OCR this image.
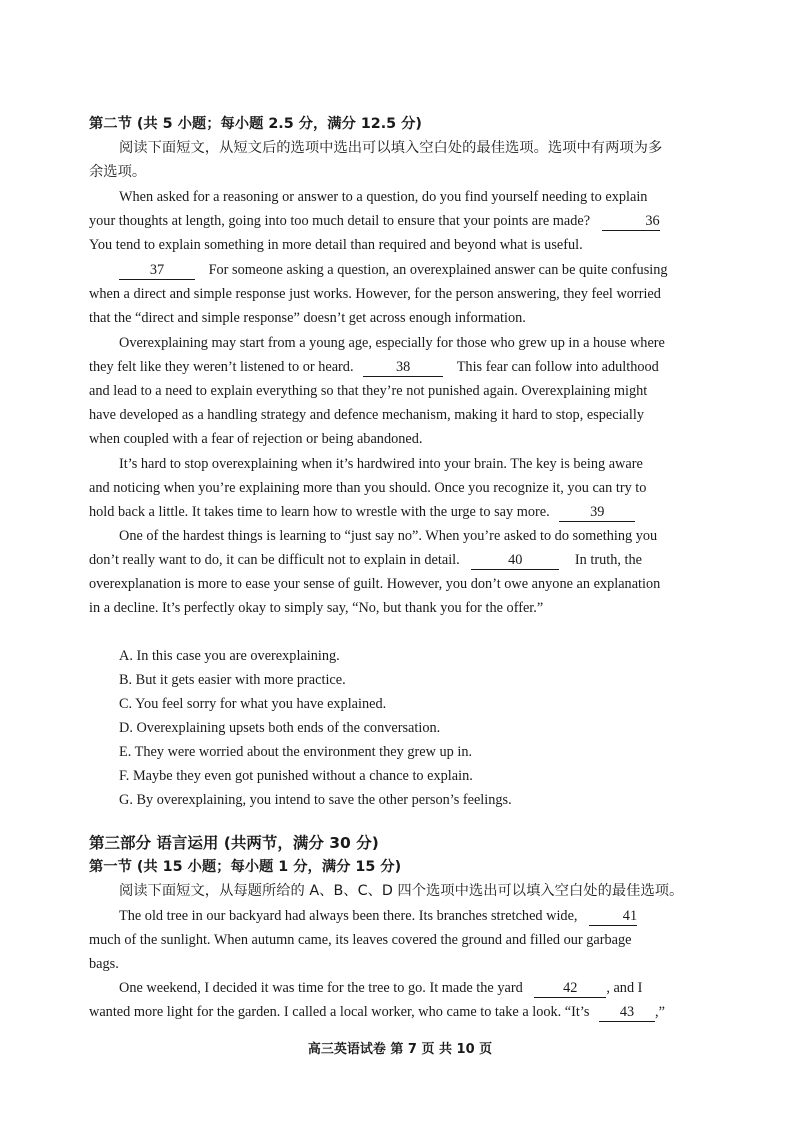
第二节 (共 5 小题；每小题 2.5 分，满分 12.5 分)
阅读下面短文，从短文后的选项中选出可以填入空白处的最佳选项。选项中有两项为多
余选项。
When asked for a reasoning or answer to a question, do you find yourself needing to explain
your thoughts at length, going into too much detail to ensure that your points are made?	36
You tend to explain something in more detail than required and beyond what is useful.
37	For someone asking a question, an overexplained answer can be quite confusing
when a direct and simple response just works. However, for the person answering, they feel worried
that the “direct and simple response” doesn’t get across enough information.
Overexplaining may start from a young age, especially for those who grew up in a house where
they felt like they weren’t listened to or heard.	38	This fear can follow into adulthood
and lead to a need to explain everything so that they’re not punished again. Overexplaining might
have developed as a handling strategy and defence mechanism, making it hard to stop, especially
when coupled with a fear of rejection or being abandoned.
It’s hard to stop overexplaining when it’s hardwired into your brain. The key is being aware
and noticing when you’re explaining more than you should. Once you recognize it, you can try to
hold back a little. It takes time to learn how to wrestle with the urge to say more.	39
One of the hardest things is learning to “just say no”. When you’re asked to do something you
don’t really want to do, it can be difficult not to explain in detail.	40	In truth, the
overexplanation is more to ease your sense of guilt. However, you don’t owe anyone an explanation
in a decline. It’s perfectly okay to simply say, “No, but thank you for the offer.”
A. In this case you are overexplaining.
B. But it gets easier with more practice.
C. You feel sorry for what you have explained.
D. Overexplaining upsets both ends of the conversation.
E. They were worried about the environment they grew up in.
F. Maybe they even got punished without a chance to explain.
G. By overexplaining, you intend to save the other person’s feelings.
第三部分 语言运用 (共两节，满分 30 分)
第一节 (共 15 小题；每小题 1 分，满分 15 分)
阅读下面短文，从每题所给的 A、B、C、D 四个选项中选出可以填入空白处的最佳选项。
The old tree in our backyard had always been there. Its branches stretched wide,	41
much of the sunlight. When autumn came, its leaves covered the ground and filled our garbage
bags.
One weekend, I decided it was time for the tree to go. It made the yard	42 , and I
wanted more light for the garden. I called a local worker, who came to take a look. “It’s 43 ,”
高三英语试卷 第 7 页 共 10 页
